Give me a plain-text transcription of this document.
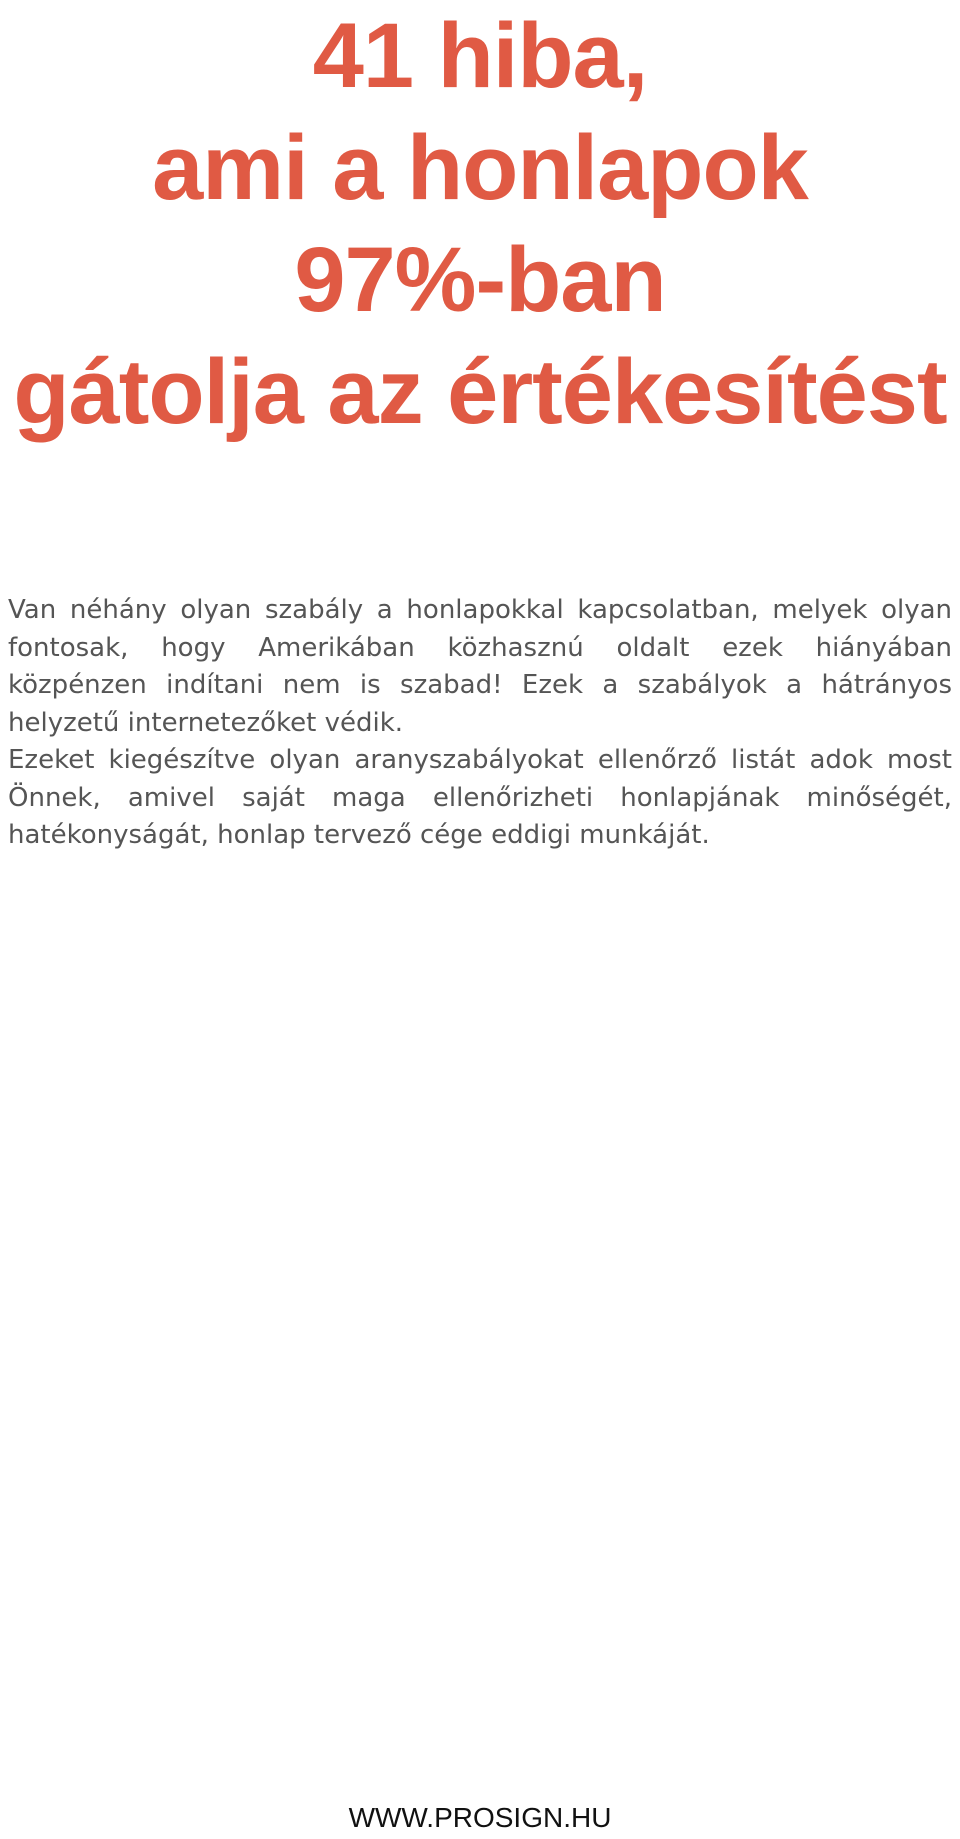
41 hiba,
ami a honlapok
97%-ban
gátolja az értékesítést

Van néhány olyan szabály a honlapokkal kapcsolatban, melyek olyan fontosak, hogy Amerikában közhasznú oldalt ezek hiányában közpénzen indítani nem is szabad! Ezek a szabályok a hátrányos helyzetű internetezőket védik.

Ezeket kiegészítve olyan aranyszabályokat ellenőrző listát adok most Önnek, amivel saját maga ellenőrizheti honlapjának minőségét, hatékonyságát, honlap tervező cége eddigi munkáját.

WWW.PROSIGN.HU
